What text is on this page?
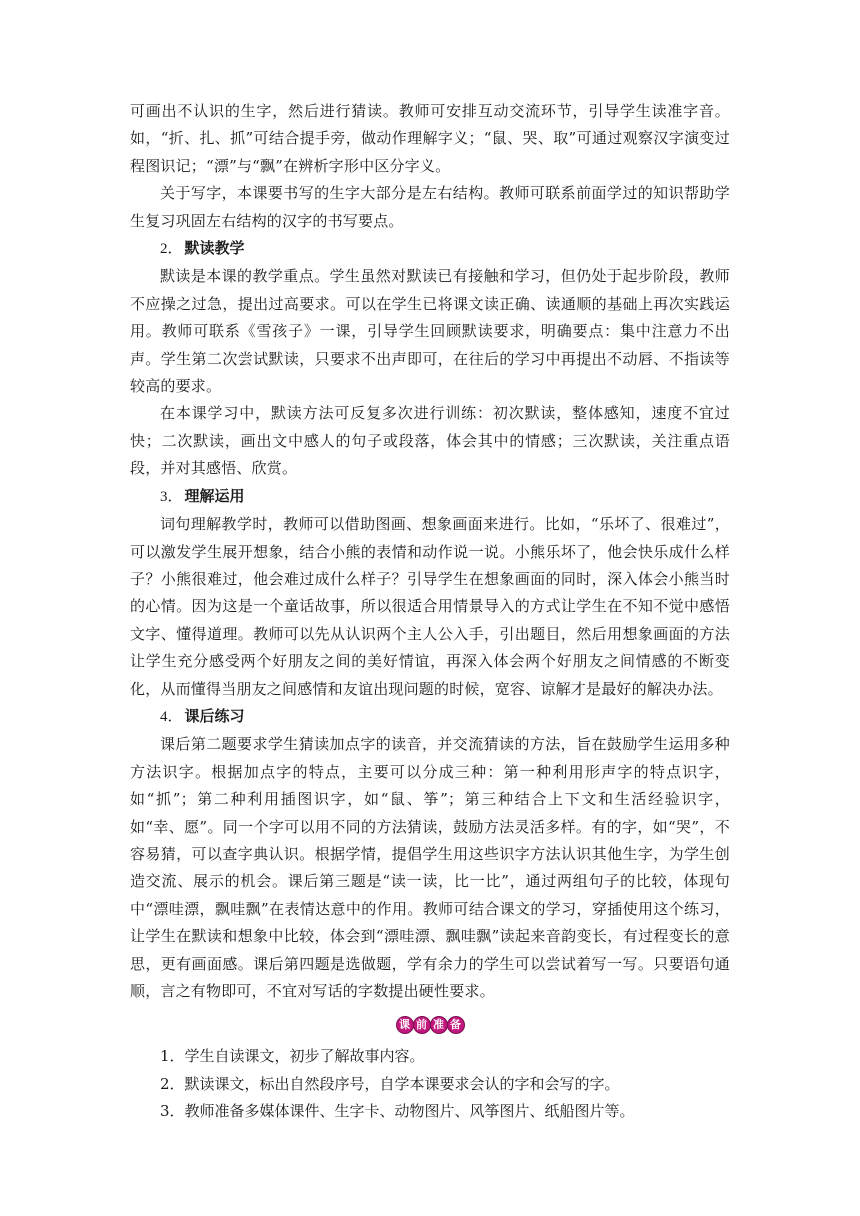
可画出不认识的生字，然后进行猜读。教师可安排互动交流环节，引导学生读准字音。如，“折、扎、抓”可结合提手旁，做动作理解字义；“鼠、哭、取”可通过观察汉字演变过程图识记；“漂”与“飘”在辨析字形中区分字义。

关于写字，本课要书写的生字大部分是左右结构。教师可联系前面学过的知识帮助学生复习巩固左右结构的汉字的书写要点。

2． 默读教学

默读是本课的教学重点。学生虽然对默读已有接触和学习，但仍处于起步阶段，教师不应操之过急，提出过高要求。可以在学生已将课文读正确、读通顺的基础上再次实践运用。教师可联系《雪孩子》一课，引导学生回顾默读要求，明确要点：集中注意力不出声。学生第二次尝试默读，只要求不出声即可，在往后的学习中再提出不动唇、不指读等较高的要求。

在本课学习中，默读方法可反复多次进行训练：初次默读，整体感知，速度不宜过快；二次默读，画出文中感人的句子或段落，体会其中的情感；三次默读，关注重点语段，并对其感悟、欣赏。

3． 理解运用

词句理解教学时，教师可以借助图画、想象画面来进行。比如，“乐坏了、很难过”，可以激发学生展开想象，结合小熊的表情和动作说一说。小熊乐坏了，他会快乐成什么样子？小熊很难过，他会难过成什么样子？引导学生在想象画面的同时，深入体会小熊当时的心情。因为这是一个童话故事，所以很适合用情景导入的方式让学生在不知不觉中感悟文字、懂得道理。教师可以先从认识两个主人公入手，引出题目，然后用想象画面的方法让学生充分感受两个好朋友之间的美好情谊，再深入体会两个好朋友之间情感的不断变化，从而懂得当朋友之间感情和友谊出现问题的时候，宽容、谅解才是最好的解决办法。

4． 课后练习

课后第二题要求学生猜读加点字的读音，并交流猜读的方法，旨在鼓励学生运用多种方法识字。根据加点字的特点，主要可以分成三种：第一种利用形声字的特点识字，如“抓”；第二种利用插图识字，如“鼠、筝”；第三种结合上下文和生活经验识字，如“幸、愿”。同一个字可以用不同的方法猜读，鼓励方法灵活多样。有的字，如“哭”，不容易猜，可以查字典认识。根据学情，提倡学生用这些识字方法认识其他生字，为学生创造交流、展示的机会。课后第三题是“读一读，比一比”，通过两组句子的比较，体现句中“漂哇漂，飘哇飘”在表情达意中的作用。教师可结合课文的学习，穿插使用这个练习，让学生在默读和想象中比较，体会到“漂哇漂、飘哇飘”读起来音韵变长，有过程变长的意思，更有画面感。课后第四题是选做题，学有余力的学生可以尝试着写一写。只要语句通顺，言之有物即可，不宜对写话的字数提出硬性要求。

课 前 准 备

1．学生自读课文，初步了解故事内容。

2．默读课文，标出自然段序号，自学本课要求会认的字和会写的字。

3．教师准备多媒体课件、生字卡、动物图片、风筝图片、纸船图片等。
